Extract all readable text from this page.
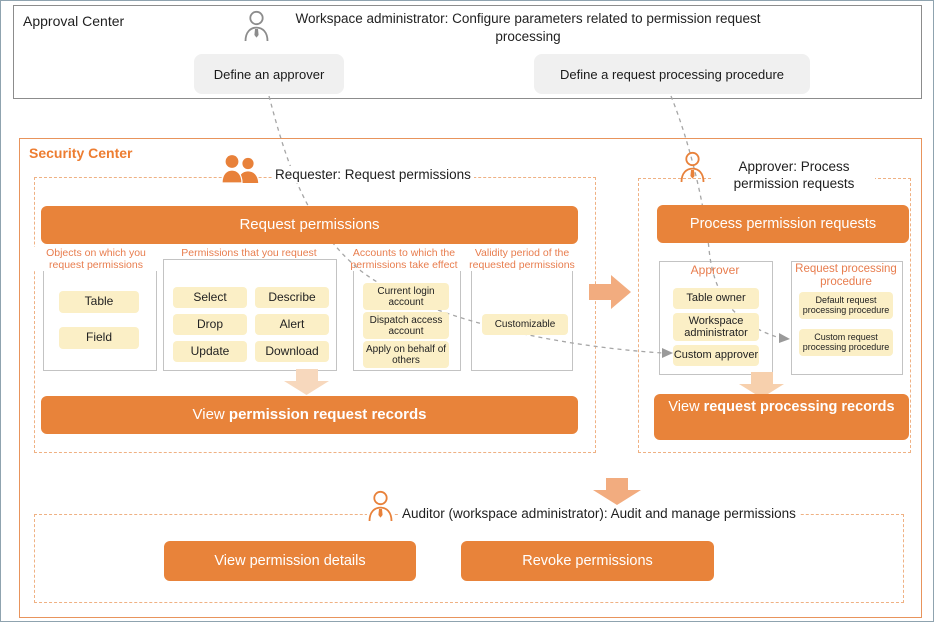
Approval Center	Workspace administrator: Configure parameters related to permission request processing
Define an approver	Define a request processing procedure
Security Center
Requester: Request permissions
Request permissions
Objects on which you request permissions
Table
Field
Permissions that you request
Select	Describe
Drop	Alert
Update	Download
Accounts to which the permissions take effect
Current login account
Dispatch access account
Apply on behalf of others
Validity period of the requested permissions
Customizable
View permission request records
Approver: Process permission requests
Process permission requests
Approver
Table owner
Workspace administrator
Custom approver
Request processing procedure
Default request processing procedure
Custom request processing procedure
View request processing records
Auditor (workspace administrator): Audit and manage permissions
View permission details	Revoke permissions
